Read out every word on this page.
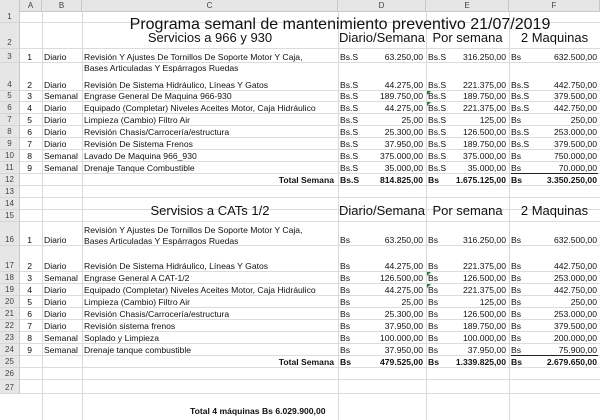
A	B	C	D	E	F
1
2
3
4
5
6
7
8
9
10
11
12
13
14
15
16
17
18
19
20
21
22
23
24
25
26
27
Programa semanl de mantenimiento preventivo 21/07/2019
Servicios a 966 y 930	Diario/Semana Por semana	2 Maquinas
1 Diario	Revisión Y Ajustes De Tornillos De Soporte Motor Y Caja,
Bases Articuladas Y Espárragos Ruedas
Bs.S	63.250,00 Bs.S	316.250,00 Bs	632.500,00
2 Diario	Revisión De Sistema Hidráulico, Líneas Y Gatos	Bs.S	44.275,00 Bs.S	221.375,00 Bs.S	442.750,00
3 Semanal Engrase General De Maquina 966-930	Bs.S	189.750,00 Bs.S	189.750,00 Bs.S	379.500,00
4 Diario	Equipado (Completar) Niveles Aceites Motor, Caja Hidráulico	Bs.S	44.275,00 Bs.S	221.375,00 Bs.S	442.750,00
5 Diario	Limpieza (Cambio) Filtro Air	Bs.S	25,00 Bs.S	125,00 Bs	250,00
6 Diario	Revisión Chasis/Carrocería/estructura	Bs.S	25.300,00 Bs.S	126.500,00 Bs.S	253.000,00
7 Diario	Revisión De Sistema Frenos	Bs.S	37.950,00 Bs.S	189.750,00 Bs.S	379.500,00
8 Semanal Lavado De Maquina 966_930	Bs.S	375.000,00 Bs.S	375.000,00 Bs	750.000,00
9 Semanal Drenaje Tanque Combustible	Bs.S	35.000,00 Bs.S	35.000,00 Bs	70.000,00
Total Semana Bs.S	814.825,00 Bs	1.675.125,00 Bs	3.350.250,00
Servisios a CATs 1/2	Diario/Semana Por semana	2 Maquinas
1 Diario
Revisión Y Ajustes De Tornillos De Soporte Motor Y Caja,
Bases Articuladas Y Espárragos Ruedas	Bs	63.250,00 Bs	316.250,00 Bs	632.500,00
2 Diario	Revisión De Sistema Hidráulico, Líneas Y Gatos	Bs	44.275,00 Bs	221.375,00 Bs	442.750,00
3 Semanal Engrase General A CAT-1/2	Bs	126.500,00 Bs	126.500,00 Bs	253.000,00
4 Diario	Equipado (Completar) Niveles Aceites Motor, Caja Hidráulico	Bs	44.275,00 Bs	221.375,00 Bs	442.750,00
5 Diario	Limpieza (Cambio) Filtro Air	Bs	25,00 Bs	125,00 Bs	250,00
6 Diario	Revisión Chasis/Carrocería/estructura	Bs	25.300,00 Bs	126.500,00 Bs	253.000,00
7 Diario	Revisión sistema frenos	Bs	37.950,00 Bs	189.750,00 Bs	379.500,00
8 Semanal Soplado y Limpieza	Bs	100.000,00 Bs	100.000,00 Bs	200.000,00
9 Semanal Drenaje tanque combustible	Bs	37.950,00 Bs	37.950,00 Bs	75.900,00
Total Semana Bs	479.525,00 Bs	1.339.825,00 Bs	2.679.650,00
Total 4 máquinas Bs 6.029.900,00
